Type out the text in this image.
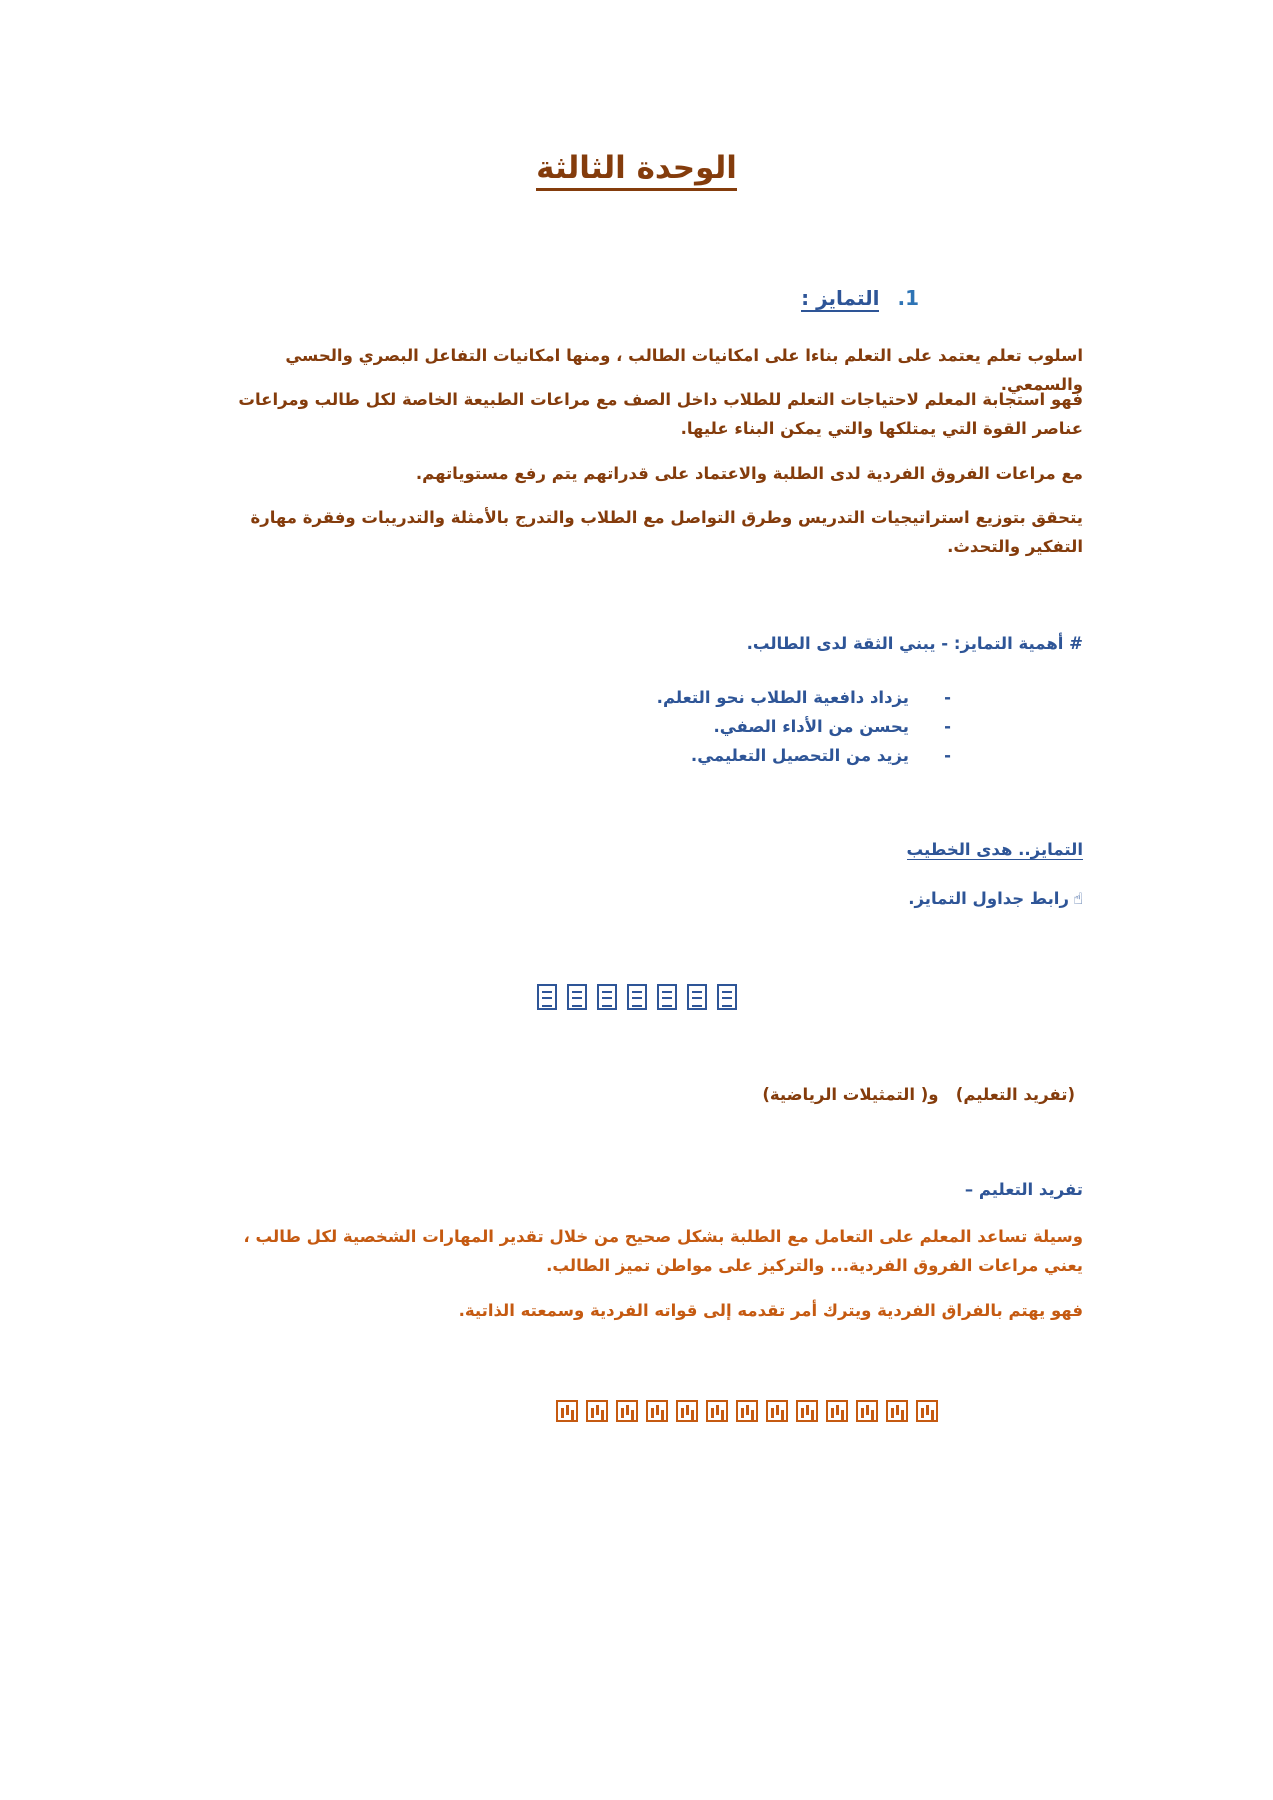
الوحدة الثالثة
1.التمايز :
اسلوب تعلم يعتمد على التعلم بناءا على امكانيات الطالب ، ومنها امكانيات التفاعل البصري والحسي والسمعي.
فهو استجابة المعلم لاحتياجات التعلم للطلاب داخل الصف مع مراعات الطبيعة الخاصة لكل طالب ومراعات عناصر القوة التي يمتلكها والتي يمكن البناء عليها.
مع مراعات الفروق الفردية لدى الطلبة والاعتماد على قدراتهم يتم رفع مستوياتهم.
يتحقق بتوزيع استراتيجيات التدريس وطرق التواصل مع الطلاب والتدرج بالأمثلة والتدريبات وفقرة مهارة التفكير والتحدث.
# أهمية التمايز: - يبني الثقة لدى الطالب.
-
يزداد دافعية الطلاب نحو التعلم.
-
يحسن من الأداء الصفي.
-
يزيد من التحصيل التعليمي.
التمايز.. هدى الخطيب
☝رابط جداول التمايز.
(تفريد التعليم)   و( التمثيلات الرياضية)
تفريد التعليم –
وسيلة تساعد المعلم على التعامل مع الطلبة بشكل صحيح من خلال تقدير المهارات الشخصية لكل طالب ، يعني مراعات الفروق الفردية... والتركيز على مواطن تميز الطالب.
فهو يهتم بالفراق الفردية ويترك أمر تقدمه إلى قواته الفردية وسمعته الذاتية.
